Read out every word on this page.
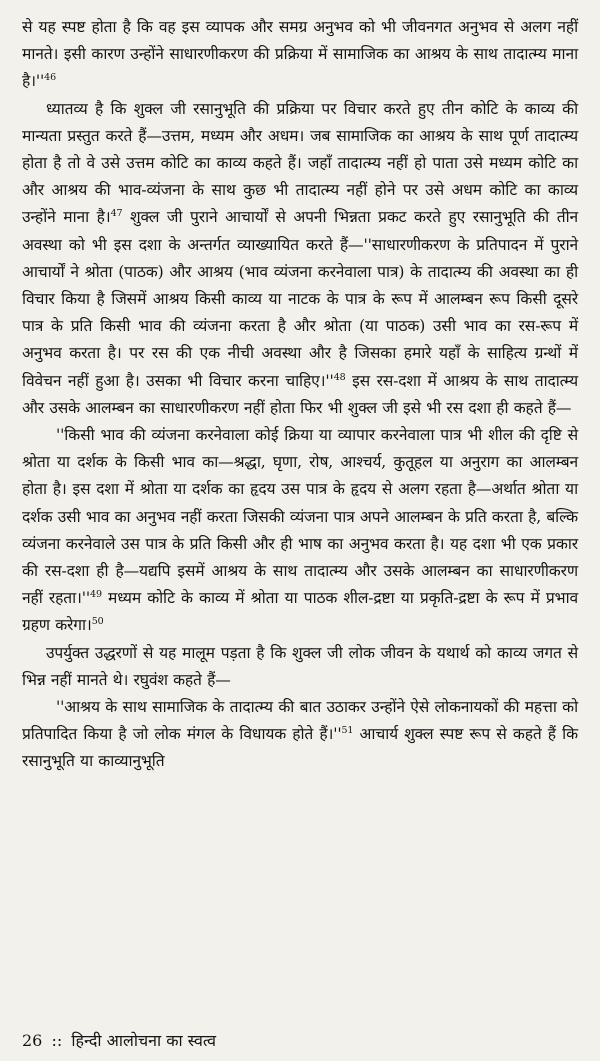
से यह स्पष्ट होता है कि वह इस व्यापक और समग्र अनुभव को भी जीवनगत अनुभव से अलग नहीं मानते। इसी कारण उन्होंने साधारणीकरण की प्रक्रिया में सामाजिक का आश्रय के साथ तादात्म्य माना है।''$^{46}$

ध्यातव्य है कि शुक्ल जी रसानुभूति की प्रक्रिया पर विचार करते हुए तीन कोटि के काव्य की मान्यता प्रस्तुत करते हैं—उत्तम, मध्यम और अधम। जब सामाजिक का आश्रय के साथ पूर्ण तादात्म्य होता है तो वे उसे उत्तम कोटि का काव्य कहते हैं। जहाँ तादात्म्य नहीं हो पाता उसे मध्यम कोटि का और आश्रय की भाव-व्यंजना के साथ कुछ भी तादात्म्य नहीं होने पर उसे अधम कोटि का काव्य उन्होंने माना है।$^{47}$ शुक्ल जी पुराने आचार्यों से अपनी भिन्नता प्रकट करते हुए रसानुभूति की तीन अवस्था को भी इस दशा के अन्तर्गत व्याख्यायित करते हैं—''साधारणीकरण के प्रतिपादन में पुराने आचार्यों ने श्रोता (पाठक) और आश्रय (भाव व्यंजना करनेवाला पात्र) के तादात्म्य की अवस्था का ही विचार किया है जिसमें आश्रय किसी काव्य या नाटक के पात्र के रूप में आलम्बन रूप किसी दूसरे पात्र के प्रति किसी भाव की व्यंजना करता है और श्रोता (या पाठक) उसी भाव का रस-रूप में अनुभव करता है। पर रस की एक नीची अवस्था और है जिसका हमारे यहाँ के साहित्य ग्रन्थों में विवेचन नहीं हुआ है। उसका भी विचार करना चाहिए।''$^{48}$ इस रस-दशा में आश्रय के साथ तादात्म्य और उसके आलम्बन का साधारणीकरण नहीं होता फिर भी शुक्ल जी इसे भी रस दशा ही कहते हैं—

''किसी भाव की व्यंजना करनेवाला कोई क्रिया या व्यापार करनेवाला पात्र भी शील की दृष्टि से श्रोता या दर्शक के किसी भाव का—श्रद्धा, घृणा, रोष, आश्चर्य, कुतूहल या अनुराग का आलम्बन होता है। इस दशा में श्रोता या दर्शक का हृदय उस पात्र के हृदय से अलग रहता है—अर्थात श्रोता या दर्शक उसी भाव का अनुभव नहीं करता जिसकी व्यंजना पात्र अपने आलम्बन के प्रति करता है, बल्कि व्यंजना करनेवाले उस पात्र के प्रति किसी और ही भाष का अनुभव करता है। यह दशा भी एक प्रकार की रस-दशा ही है—यद्यपि इसमें आश्रय के साथ तादात्म्य और उसके आलम्बन का साधारणीकरण नहीं रहता।''$^{49}$ मध्यम कोटि के काव्य में श्रोता या पाठक शील-द्रष्टा या प्रकृति-द्रष्टा के रूप में प्रभाव ग्रहण करेगा।$^{50}$

उपर्युक्त उद्धरणों से यह मालूम पड़ता है कि शुक्ल जी लोक जीवन के यथार्थ को काव्य जगत से भिन्न नहीं मानते थे। रघुवंश कहते हैं—

''आश्रय के साथ सामाजिक के तादात्म्य की बात उठाकर उन्होंने ऐसे लोकनायकों की महत्ता को प्रतिपादित किया है जो लोक मंगल के विधायक होते हैं।''$^{51}$ आचार्य शुक्ल स्पष्ट रूप से कहते हैं कि रसानुभूति या काव्यानुभूति

26 :: हिन्दी आलोचना का स्वत्व
